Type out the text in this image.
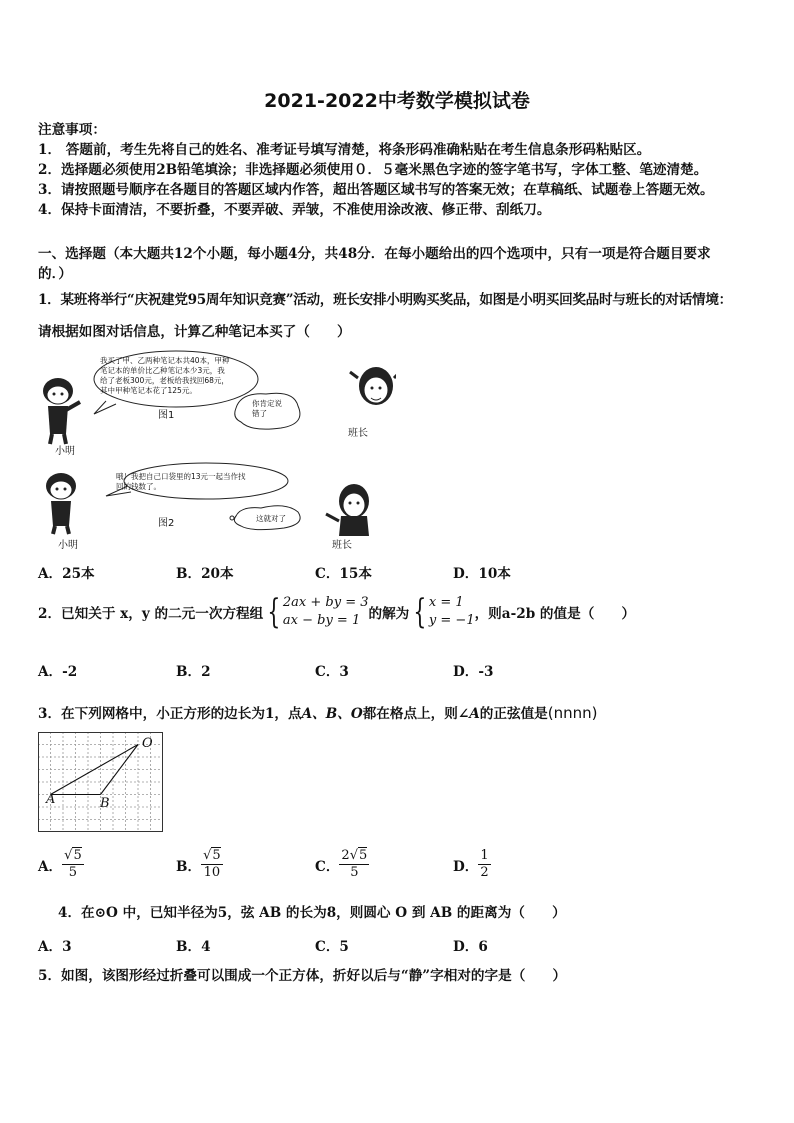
2021-2022中考数学模拟试卷
注意事项：
1． 答题前，考生先将自己的姓名、准考证号填写清楚，将条形码准确粘贴在考生信息条形码粘贴区。
2．选择题必须使用2B铅笔填涂；非选择题必须使用０．５毫米黑色字迹的签字笔书写，字体工整、笔迹清楚。
3．请按照题号顺序在各题目的答题区域内作答，超出答题区域书写的答案无效；在草稿纸、试题卷上答题无效。
4．保持卡面清洁，不要折叠，不要弄破、弄皱，不准使用涂改液、修正带、刮纸刀。
一、选择题（本大题共12个小题，每小题4分，共48分．在每小题给出的四个选项中，只有一项是符合题目要求
的．）
1．某班将举行“庆祝建党95周年知识竞赛”活动，班长安排小明购买奖品，如图是小明买回奖品时与班长的对话情境：
请根据如图对话信息，计算乙种笔记本买了（　　）
我买了甲、乙两种笔记本共40本，甲种
笔记本的单价比乙种笔记本少3元，我
给了老板300元，老板给我找回68元，
其中甲种笔记本花了125元。
你肯定说
错了
图1
小明
班长
哦！我把自己口袋里的13元一起当作找
回的钱数了。
这就对了
图2
小明	班长
A．25本	B．20本	C．15本	D．10本
2．已知关于 x，y 的二元一次方程组 { 2ax + by = 3
ax − by = 1 的解为 { x = 1
y = −1 ，则a-2b 的值是（　　）
A．-2	B．2	C．3	D．-3
3．在下列网格中，小正方形的边长为1，点A、B、O都在格点上，则∠A的正弦值是(nnnn)
O
A	B
A． $\frac{√5}{5}$	B． $\frac{√5}{10}$	C． $\frac{2√5}{5}$	D． $\frac{1}{2}$
4．在⊙O 中，已知半径为5，弦 AB 的长为8，则圆心 O 到 AB 的距离为（　　）
A．3	B．4	C．5	D．6
5．如图，该图形经过折叠可以围成一个正方体，折好以后与“静”字相对的字是（　　）
